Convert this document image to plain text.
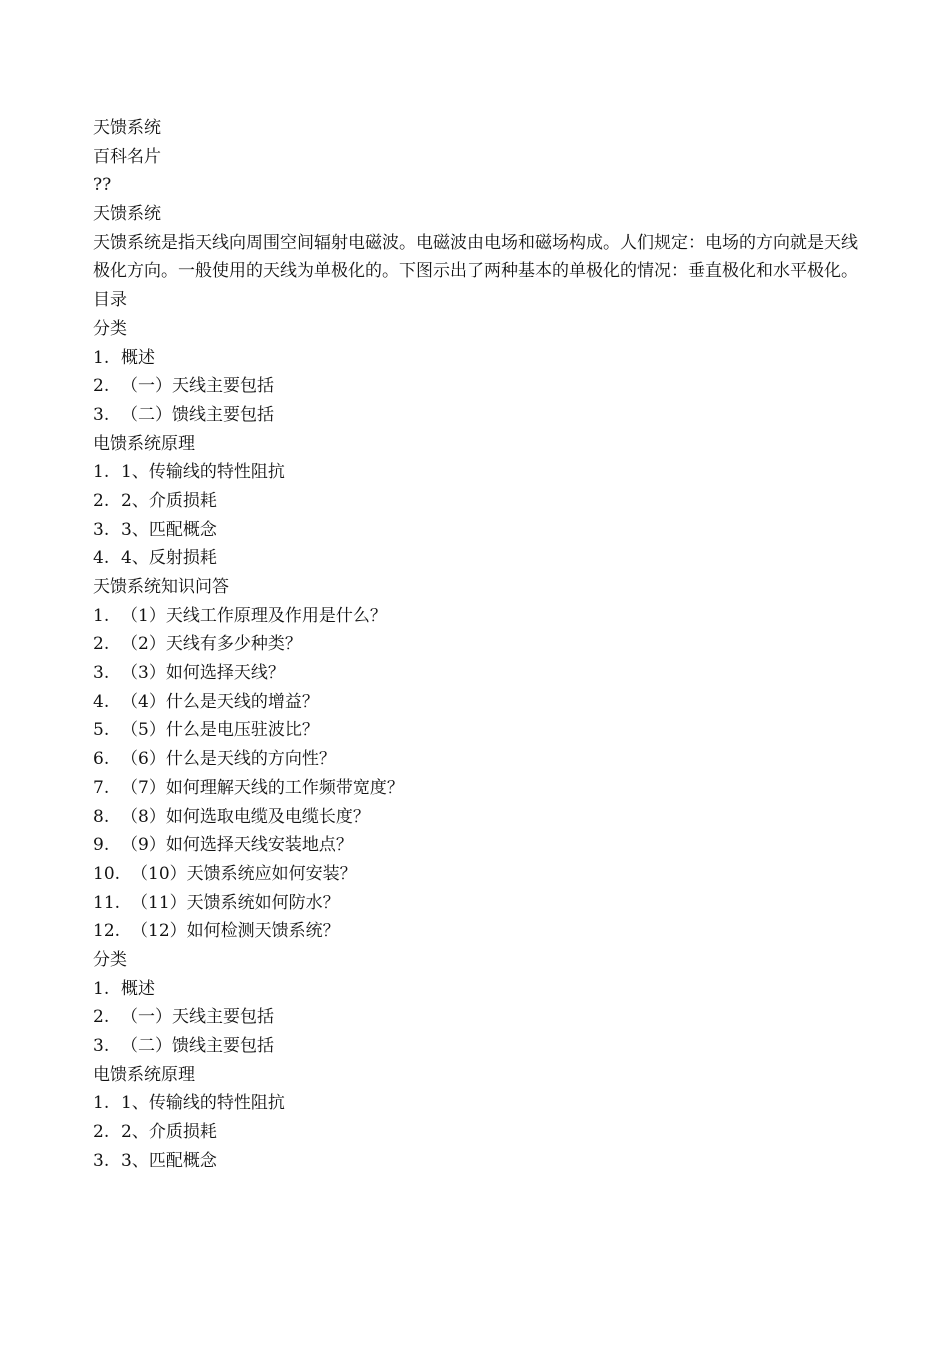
天馈系统
百科名片
??
天馈系统
天馈系统是指天线向周围空间辐射电磁波。电磁波由电场和磁场构成。人们规定：电场的方向就是天线极化方向。一般使用的天线为单极化的。下图示出了两种基本的单极化的情况：垂直极化和水平极化。
目录
分类
1. 概述
2. （一）天线主要包括
3. （二）馈线主要包括
电馈系统原理
1. 1、传输线的特性阻抗
2. 2、介质损耗
3. 3、匹配概念
4. 4、反射损耗
天馈系统知识问答
1. （1）天线工作原理及作用是什么？
2. （2）天线有多少种类？
3. （3）如何选择天线？
4. （4）什么是天线的增益？
5. （5）什么是电压驻波比？
6. （6）什么是天线的方向性？
7. （7）如何理解天线的工作频带宽度？
8. （8）如何选取电缆及电缆长度？
9. （9）如何选择天线安装地点？
10. （10）天馈系统应如何安装？
11. （11）天馈系统如何防水？
12. （12）如何检测天馈系统？
分类
1. 概述
2. （一）天线主要包括
3. （二）馈线主要包括
电馈系统原理
1. 1、传输线的特性阻抗
2. 2、介质损耗
3. 3、匹配概念
